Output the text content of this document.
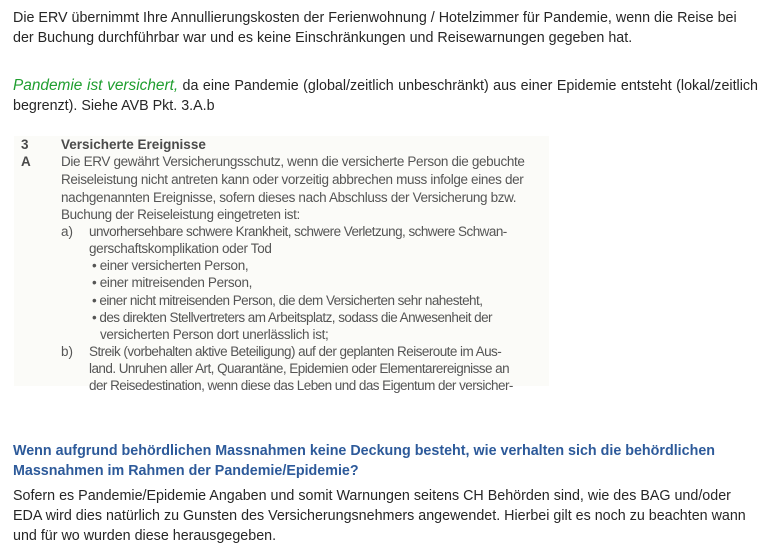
Die ERV übernimmt Ihre Annullierungskosten der Ferienwohnung / Hotelzimmer für Pandemie, wenn die Reise bei der Buchung durchführbar war und es keine Einschränkungen und Reisewarnungen gegeben hat.

Pandemie ist versichert, da eine Pandemie (global/zeitlich unbeschränkt) aus einer Epidemie entsteht (lokal/zeitlich begrenzt). Siehe AVB Pkt. 3.A.b

3 Versicherte Ereignisse
A Die ERV gewährt Versicherungsschutz, wenn die versicherte Person die gebuchte
Reiseleistung nicht antreten kann oder vorzeitig abbrechen muss infolge eines der
nachgenannten Ereignisse, sofern dieses nach Abschluss der Versicherung bzw.
Buchung der Reiseleistung eingetreten ist:
a) unvorhersehbare schwere Krankheit, schwere Verletzung, schwere Schwan-
gerschaftskomplikation oder Tod
• einer versicherten Person,
• einer mitreisenden Person,
• einer nicht mitreisenden Person, die dem Versicherten sehr nahesteht,
• des direkten Stellvertreters am Arbeitsplatz, sodass die Anwesenheit der
versicherten Person dort unerlässlich ist;
b) Streik (vorbehalten aktive Beteiligung) auf der geplanten Reiseroute im Aus-
land. Unruhen aller Art, Quarantäne, Epidemien oder Elementarereignisse an
der Reisedestination, wenn diese das Leben und das Eigentum der versicher-
Wenn aufgrund behördlichen Massnahmen keine Deckung besteht, wie verhalten sich die behördlichen Massnahmen im Rahmen der Pandemie/Epidemie?

Sofern es Pandemie/Epidemie Angaben und somit Warnungen seitens CH Behörden sind, wie des BAG und/oder EDA wird dies natürlich zu Gunsten des Versicherungsnehmers angewendet. Hierbei gilt es noch zu beachten wann und für wo wurden diese herausgegeben.
